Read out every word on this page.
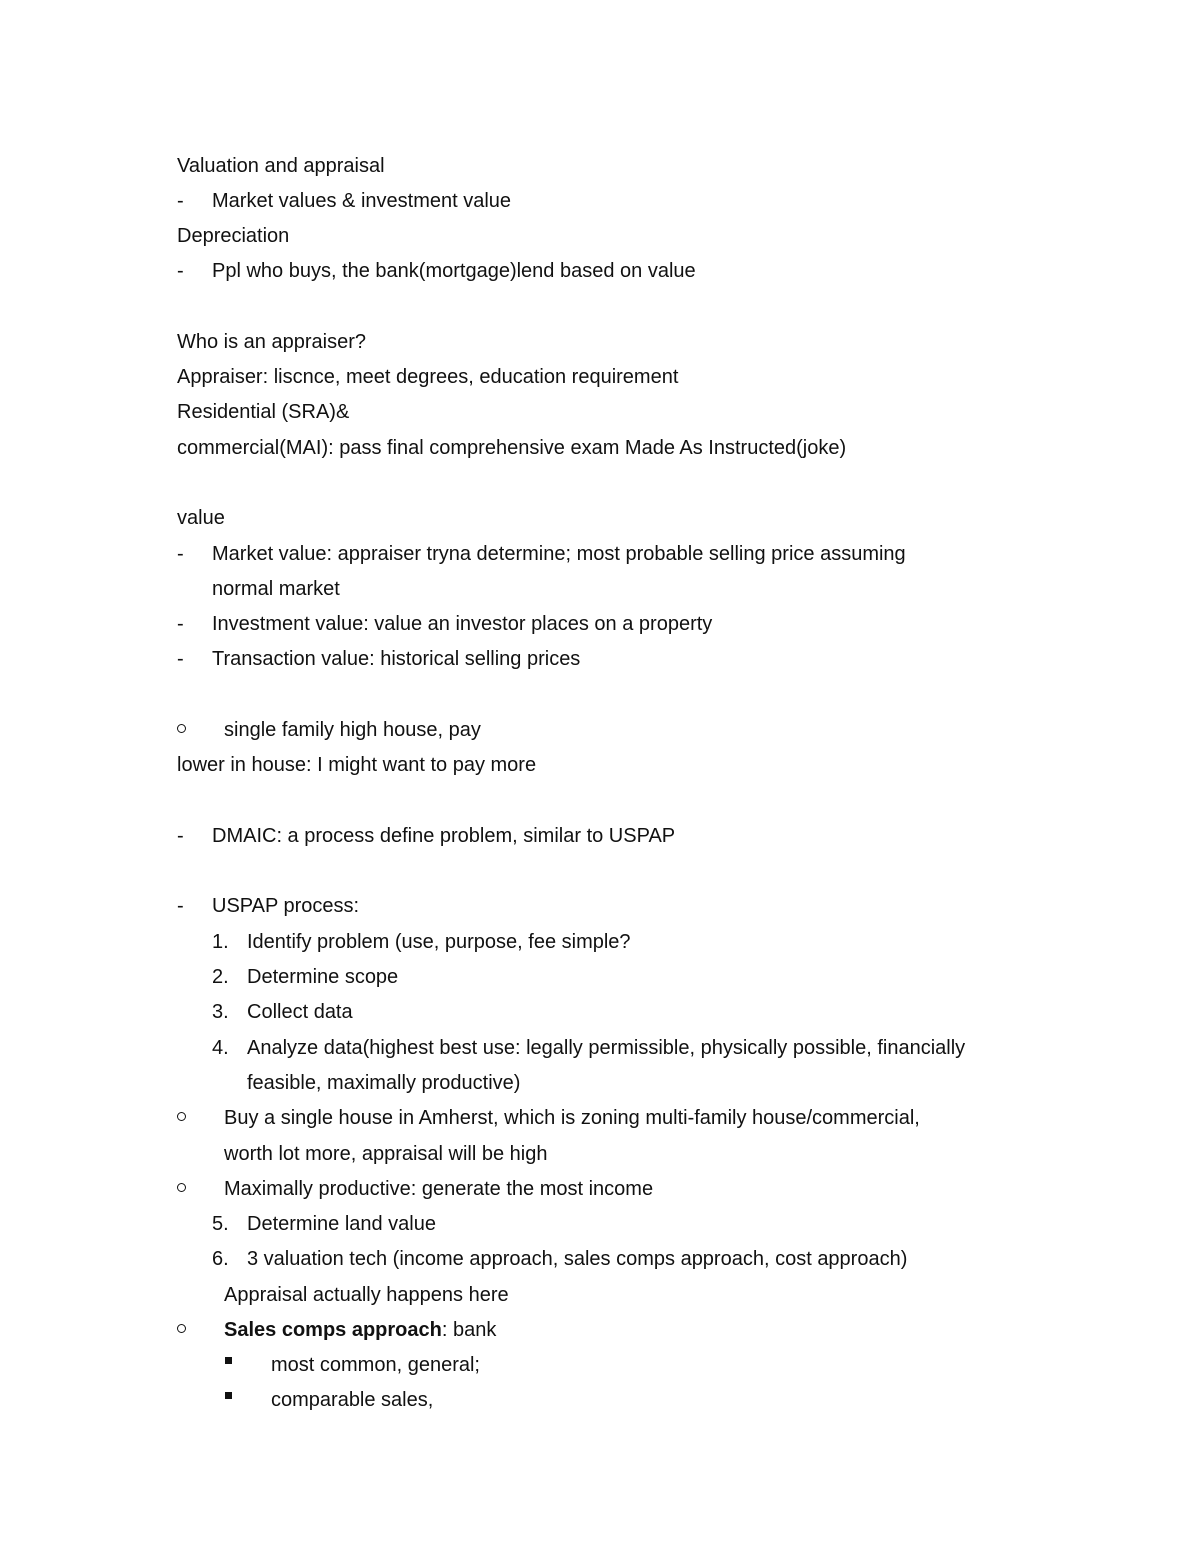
Valuation and appraisal
- Market values & investment value
Depreciation
- Ppl who buys, the bank(mortgage)lend based on value
Who is an appraiser?
Appraiser: liscnce, meet degrees, education requirement
Residential (SRA)&
commercial(MAI): pass final comprehensive exam Made As Instructed(joke)
value
- Market value: appraiser tryna determine; most probable selling price assuming
normal market
- Investment value: value an investor places on a property
- Transaction value: historical selling prices
single family high house, pay
lower in house: I might want to pay more
- DMAIC: a process define problem, similar to USPAP
- USPAP process:
1. Identify problem (use, purpose, fee simple?
2. Determine scope
3. Collect data
4. Analyze data(highest best use: legally permissible, physically possible, financially
feasible, maximally productive)
Buy a single house in Amherst, which is zoning multi-family house/commercial,
worth lot more, appraisal will be high
Maximally productive: generate the most income
5. Determine land value
6. 3 valuation tech (income approach, sales comps approach, cost approach)
Appraisal actually happens here
Sales comps approach: bank
most common, general;
comparable sales,
